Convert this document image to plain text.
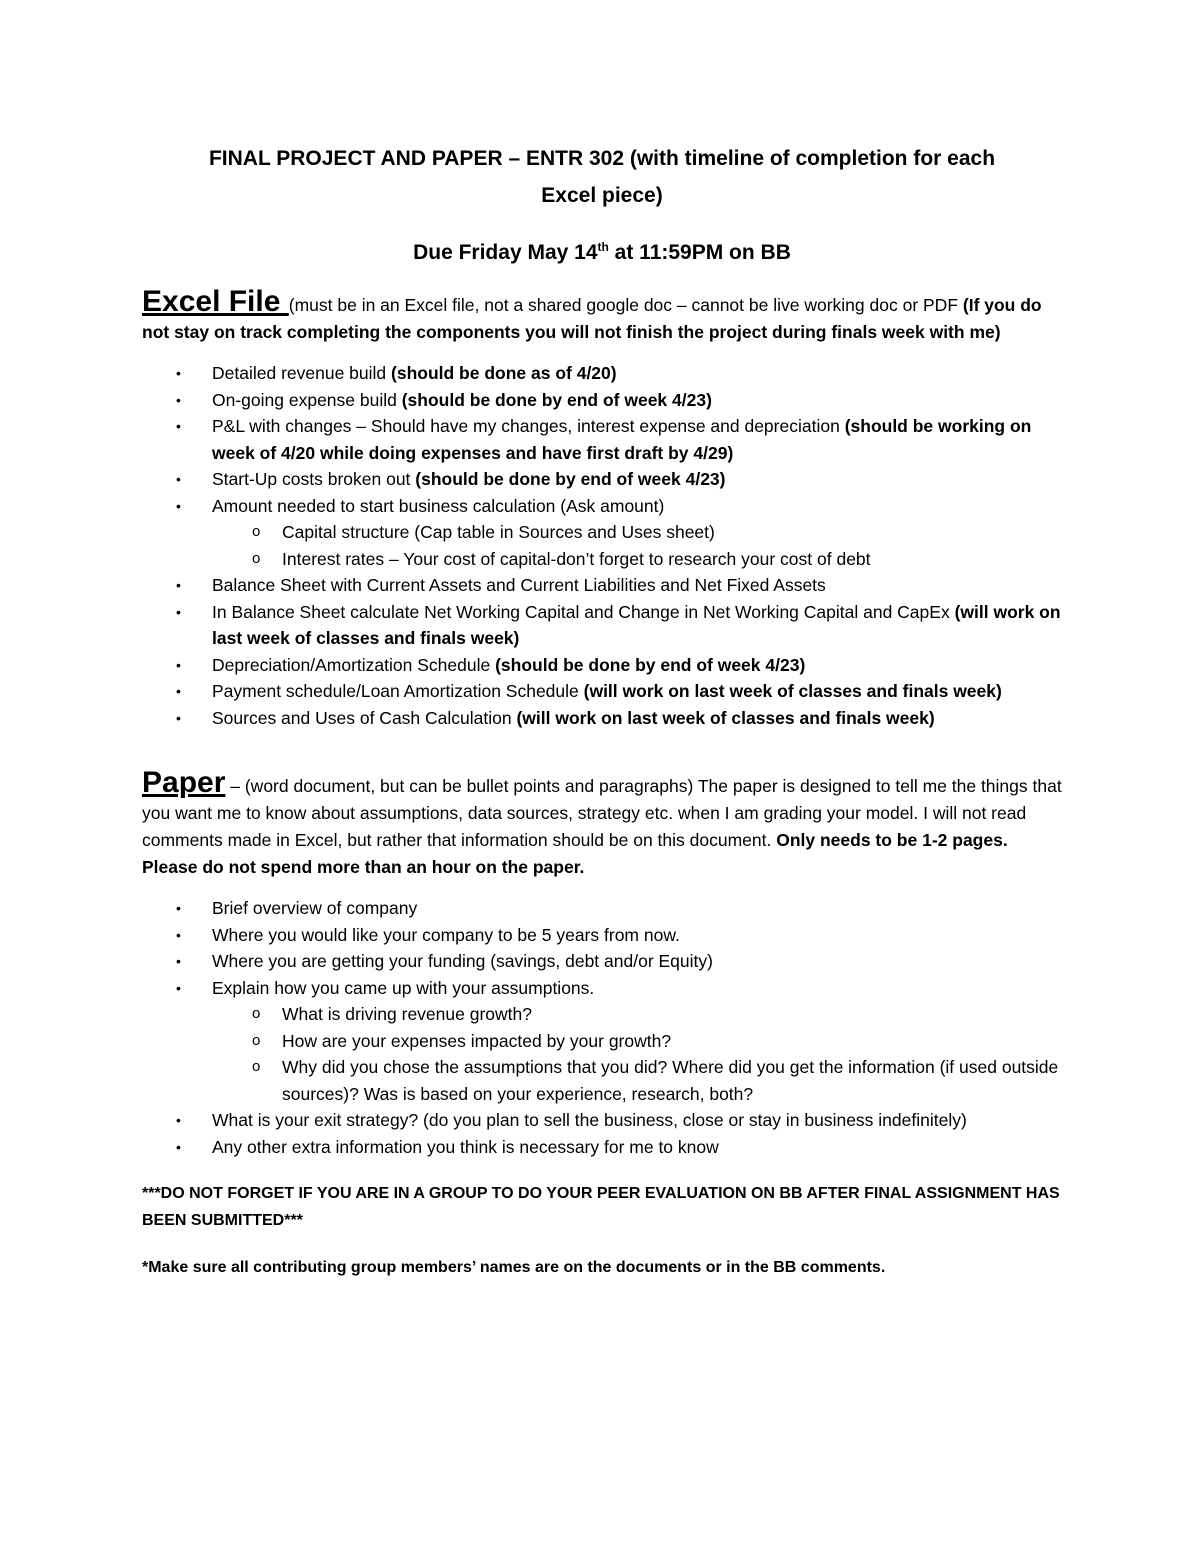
FINAL PROJECT AND PAPER – ENTR 302 (with timeline of completion for each
Excel piece)
Due Friday May 14th at 11:59PM on BB
Excel File (must be in an Excel file, not a shared google doc – cannot be live working doc or PDF (If you do not stay on track completing the components you will not finish the project during finals week with me)
• Detailed revenue build (should be done as of 4/20)
• On-going expense build (should be done by end of week 4/23)
• P&L with changes – Should have my changes, interest expense and depreciation (should be working on week of 4/20 while doing expenses and have first draft by 4/29)
• Start-Up costs broken out (should be done by end of week 4/23)
• Amount needed to start business calculation (Ask amount)
o Capital structure (Cap table in Sources and Uses sheet)
o Interest rates – Your cost of capital-don’t forget to research your cost of debt
• Balance Sheet with Current Assets and Current Liabilities and Net Fixed Assets
• In Balance Sheet calculate Net Working Capital and Change in Net Working Capital and CapEx (will work on last week of classes and finals week)
• Depreciation/Amortization Schedule (should be done by end of week 4/23)
• Payment schedule/Loan Amortization Schedule (will work on last week of classes and finals week)
• Sources and Uses of Cash Calculation (will work on last week of classes and finals week)
Paper – (word document, but can be bullet points and paragraphs) The paper is designed to tell me the things that you want me to know about assumptions, data sources, strategy etc. when I am grading your model. I will not read comments made in Excel, but rather that information should be on this document. Only needs to be 1-2 pages. Please do not spend more than an hour on the paper.
• Brief overview of company
• Where you would like your company to be 5 years from now.
• Where you are getting your funding (savings, debt and/or Equity)
• Explain how you came up with your assumptions.
o What is driving revenue growth?
o How are your expenses impacted by your growth?
o Why did you chose the assumptions that you did? Where did you get the information (if used outside sources)? Was is based on your experience, research, both?
• What is your exit strategy? (do you plan to sell the business, close or stay in business indefinitely)
• Any other extra information you think is necessary for me to know
***DO NOT FORGET IF YOU ARE IN A GROUP TO DO YOUR PEER EVALUATION ON BB AFTER FINAL ASSIGNMENT HAS BEEN SUBMITTED***
*Make sure all contributing group members’ names are on the documents or in the BB comments.
